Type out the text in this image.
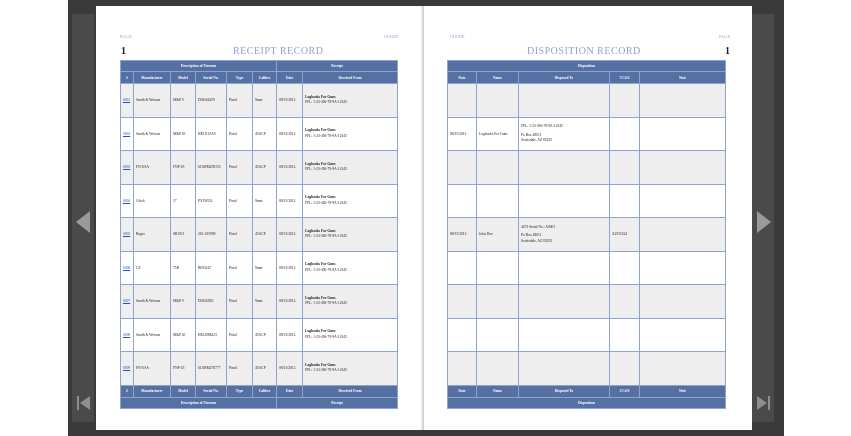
BACK	INSIDE
1	RECEIPT RECORD
Description of Firearm						Receipt	
#	Manufacturer	Model	Serial No.	Type	Caliber	Date	Received From
0001	Smith & Wesson	M&P 9	DGK64259	Pistol	9mm	08/15/2012	Logbooks For Guns
FFL: 1-23-456-78-9A-12345

0002	Smith & Wesson	M&P 45	HEJ1115A9	Pistol	45ACP	08/15/2012	Logbooks For Guns
FFL: 1-23-456-78-9A-12345

0003	FN-USA	FNP-45	613MM259153	Pistol	45ACP	08/15/2012	Logbooks For Guns
FFL: 1-23-456-78-9A-12345

0004	Glock	17	PXY6552	Pistol	9mm	08/15/2012	Logbooks For Guns
FFL: 1-23-456-78-9A-12345

0005	Ruger	SR1911	261-255908	Pistol	45ACP	08/15/2012	Logbooks For Guns
FFL: 1-23-456-78-9A-12345

0006	CZ	75B	B093247	Pistol	9mm	08/15/2012	Logbooks For Guns
FFL: 1-23-456-78-9A-12345

0007	Smith & Wesson	M&P 9	DGK6X01	Pistol	9mm	08/15/2012	Logbooks For Guns
FFL: 1-23-456-78-9A-12345

0008	Smith & Wesson	M&P 45	HEJ2088223	Pistol	45ACP	08/15/2012	Logbooks For Guns
FFL: 1-23-456-78-9A-12345

0009	FN-USA	FNP-45	613MM270777	Pistol	45ACP	08/15/2012	Logbooks For Guns
FFL: 1-23-456-78-9A-12345

#	Manufacturer	Model	Serial No.	Type	Caliber	Date	Received From
Description of Firearm						Receipt	
INSIDE	PAGE
1
DISPOSITION RECORD
Disposition				
Date	Name	Disposed To	CC#/#	Note

08/15/2012	Logbooks For Guns	FFL: 1-23-456-78-9A-12345
Po Box 28011
Scottsdale, AZ 85255		

08/15/2012	John Doe	4473 Serial No.: A0001
Po Box 28011
Scottsdale, AZ 85255	A2555222	

Date	Name	Disposed To	CC#/#	Note
Disposition				
